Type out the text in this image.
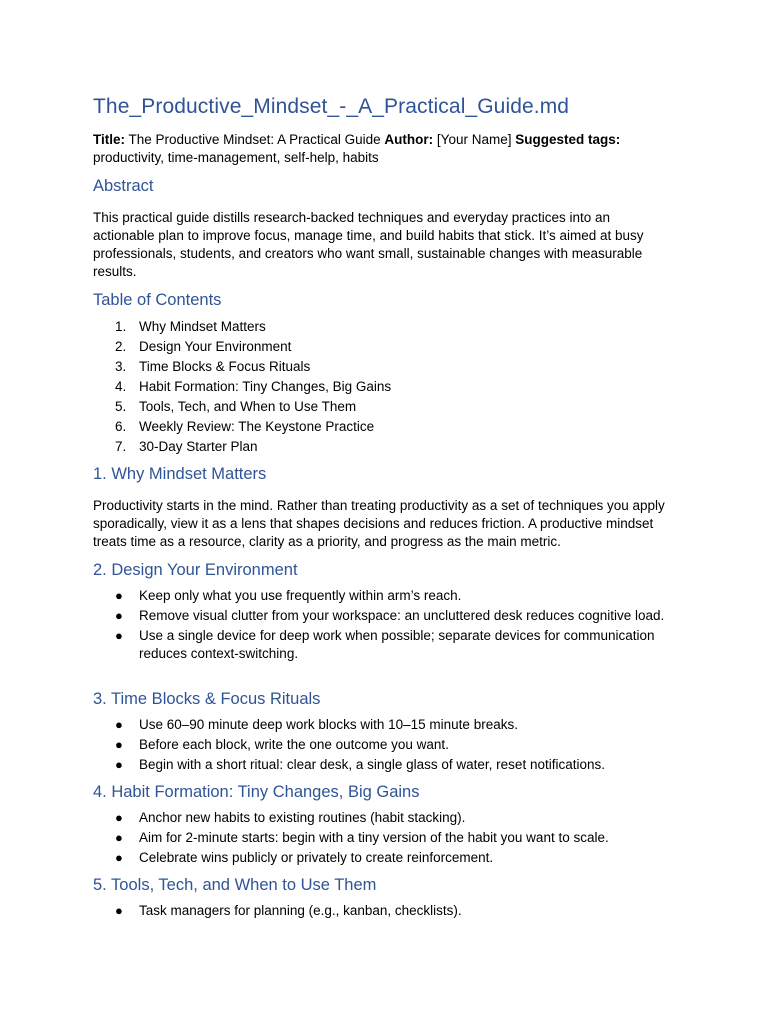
The_Productive_Mindset_-_A_Practical_Guide.md

Title: The Productive Mindset: A Practical Guide Author: [Your Name] Suggested tags: productivity, time-management, self-help, habits

Abstract

This practical guide distills research-backed techniques and everyday practices into an actionable plan to improve focus, manage time, and build habits that stick. It’s aimed at busy professionals, students, and creators who want small, sustainable changes with measurable results.

Table of Contents
1. Why Mindset Matters
2. Design Your Environment
3. Time Blocks & Focus Rituals
4. Habit Formation: Tiny Changes, Big Gains
5. Tools, Tech, and When to Use Them
6. Weekly Review: The Keystone Practice
7. 30-Day Starter Plan
1. Why Mindset Matters

Productivity starts in the mind. Rather than treating productivity as a set of techniques you apply sporadically, view it as a lens that shapes decisions and reduces friction. A productive mindset treats time as a resource, clarity as a priority, and progress as the main metric.

2. Design Your Environment
● Keep only what you use frequently within arm’s reach.
● Remove visual clutter from your workspace: an uncluttered desk reduces cognitive load.
● Use a single device for deep work when possible; separate devices for communication reduces context-switching.
3. Time Blocks & Focus Rituals
● Use 60–90 minute deep work blocks with 10–15 minute breaks.
● Before each block, write the one outcome you want.
● Begin with a short ritual: clear desk, a single glass of water, reset notifications.
4. Habit Formation: Tiny Changes, Big Gains
● Anchor new habits to existing routines (habit stacking).
● Aim for 2-minute starts: begin with a tiny version of the habit you want to scale.
● Celebrate wins publicly or privately to create reinforcement.
5. Tools, Tech, and When to Use Them
● Task managers for planning (e.g., kanban, checklists).
